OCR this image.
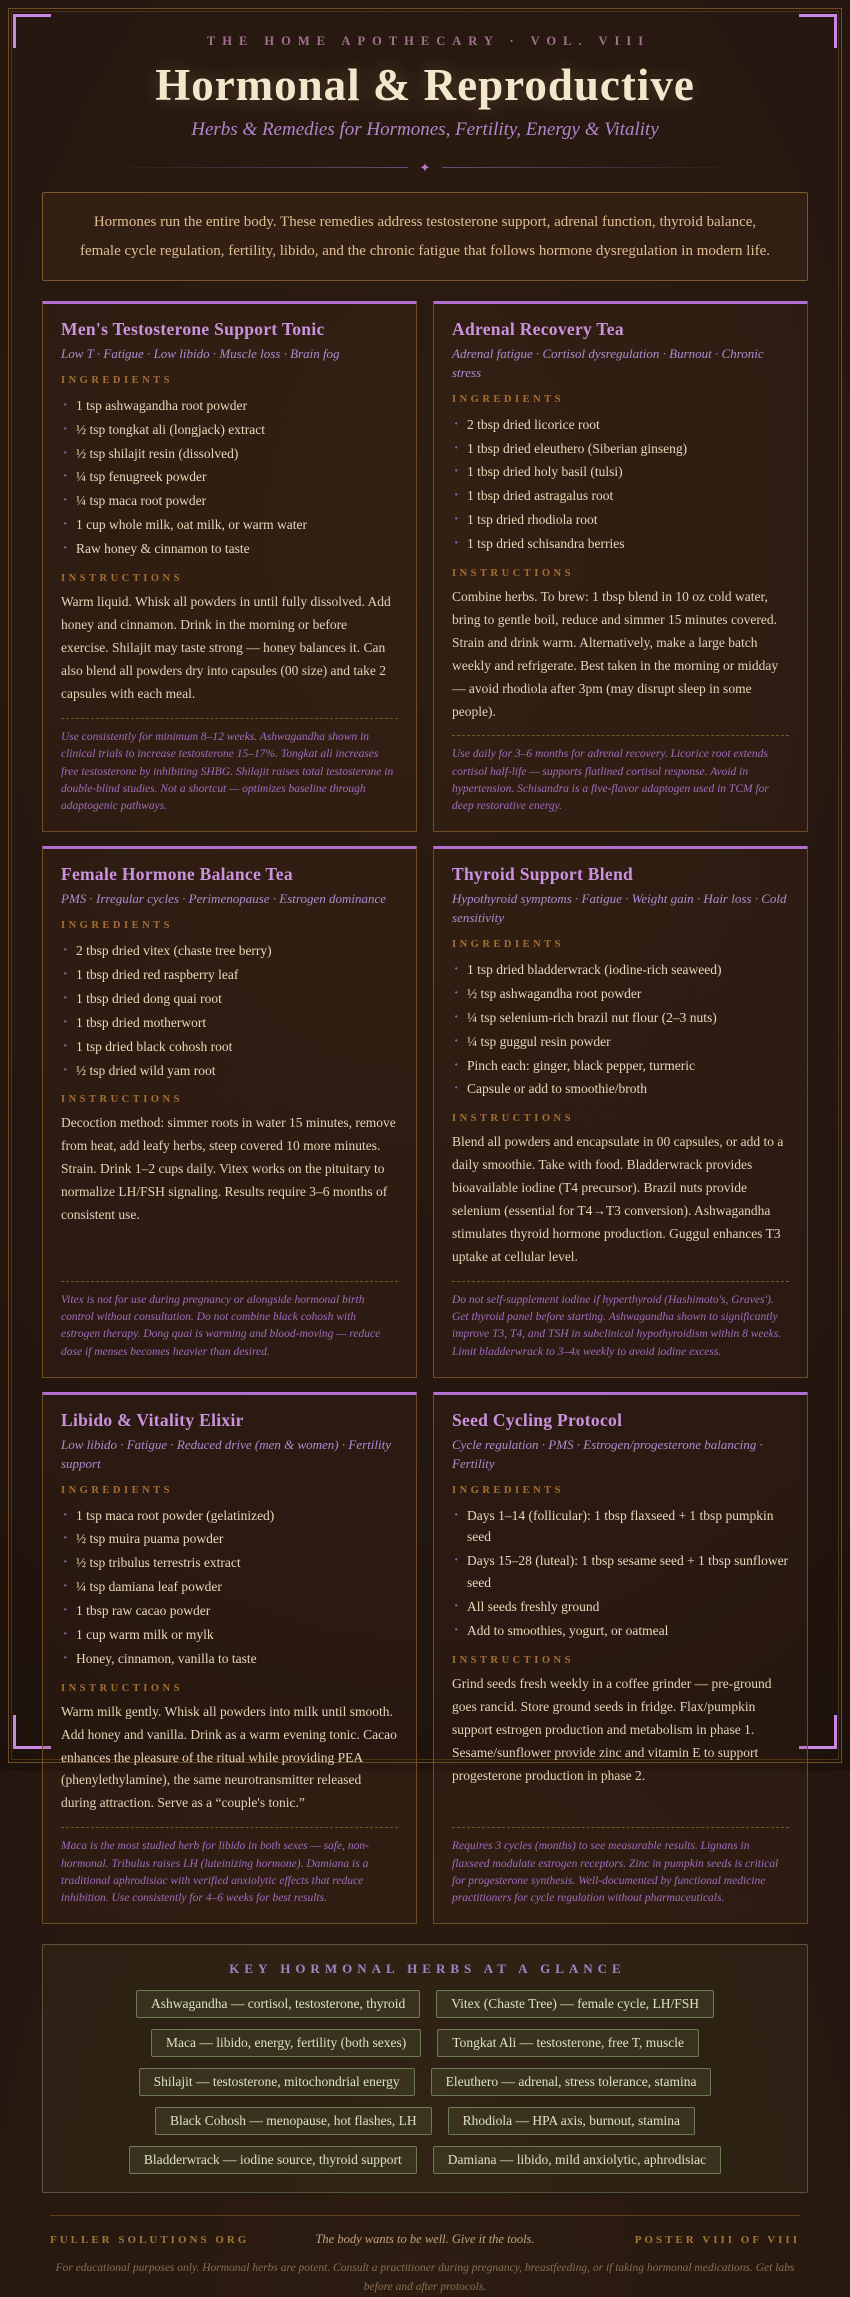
THE HOME APOTHECARY · VOL. VIII
Hormonal & Reproductive
Herbs & Remedies for Hormones, Fertility, Energy & Vitality
✦
Hormones run the entire body. These remedies address testosterone support, adrenal function, thyroid balance, female cycle regulation, fertility, libido, and the chronic fatigue that follows hormone dysregulation in modern life.
Men's Testosterone Support Tonic

Low T · Fatigue · Low libido · Muscle loss · Brain fog

INGREDIENTS
· 1 tsp ashwagandha root powder
· ½ tsp tongkat ali (longjack) extract
· ½ tsp shilajit resin (dissolved)
· ¼ tsp fenugreek powder
· ¼ tsp maca root powder
· 1 cup whole milk, oat milk, or warm water
· Raw honey & cinnamon to taste
INSTRUCTIONS

Warm liquid. Whisk all powders in until fully dissolved. Add honey and cinnamon. Drink in the morning or before exercise. Shilajit may taste strong — honey balances it. Can also blend all powders dry into capsules (00 size) and take 2 capsules with each meal.

Use consistently for minimum 8–12 weeks. Ashwagandha shown in clinical trials to increase testosterone 15–17%. Tongkat ali increases free testosterone by inhibiting SHBG. Shilajit raises total testosterone in double-blind studies. Not a shortcut — optimizes baseline through adaptogenic pathways.

Adrenal Recovery Tea

Adrenal fatigue · Cortisol dysregulation · Burnout · Chronic stress

INGREDIENTS
· 2 tbsp dried licorice root
· 1 tbsp dried eleuthero (Siberian ginseng)
· 1 tbsp dried holy basil (tulsi)
· 1 tbsp dried astragalus root
· 1 tsp dried rhodiola root
· 1 tsp dried schisandra berries
INSTRUCTIONS

Combine herbs. To brew: 1 tbsp blend in 10 oz cold water, bring to gentle boil, reduce and simmer 15 minutes covered. Strain and drink warm. Alternatively, make a large batch weekly and refrigerate. Best taken in the morning or midday — avoid rhodiola after 3pm (may disrupt sleep in some people).

Use daily for 3–6 months for adrenal recovery. Licorice root extends cortisol half-life — supports flatlined cortisol response. Avoid in hypertension. Schisandra is a five-flavor adaptogen used in TCM for deep restorative energy.

Female Hormone Balance Tea

PMS · Irregular cycles · Perimenopause · Estrogen dominance

INGREDIENTS
· 2 tbsp dried vitex (chaste tree berry)
· 1 tbsp dried red raspberry leaf
· 1 tbsp dried dong quai root
· 1 tbsp dried motherwort
· 1 tsp dried black cohosh root
· ½ tsp dried wild yam root
INSTRUCTIONS

Decoction method: simmer roots in water 15 minutes, remove from heat, add leafy herbs, steep covered 10 more minutes. Strain. Drink 1–2 cups daily. Vitex works on the pituitary to normalize LH/FSH signaling. Results require 3–6 months of consistent use.

Vitex is not for use during pregnancy or alongside hormonal birth control without consultation. Do not combine black cohosh with estrogen therapy. Dong quai is warming and blood-moving — reduce dose if menses becomes heavier than desired.

Thyroid Support Blend

Hypothyroid symptoms · Fatigue · Weight gain · Hair loss · Cold sensitivity

INGREDIENTS
· 1 tsp dried bladderwrack (iodine-rich seaweed)
· ½ tsp ashwagandha root powder
· ¼ tsp selenium-rich brazil nut flour (2–3 nuts)
· ¼ tsp guggul resin powder
· Pinch each: ginger, black pepper, turmeric
· Capsule or add to smoothie/broth
INSTRUCTIONS

Blend all powders and encapsulate in 00 capsules, or add to a daily smoothie. Take with food. Bladderwrack provides bioavailable iodine (T4 precursor). Brazil nuts provide selenium (essential for T4→T3 conversion). Ashwagandha stimulates thyroid hormone production. Guggul enhances T3 uptake at cellular level.

Do not self-supplement iodine if hyperthyroid (Hashimoto's, Graves'). Get thyroid panel before starting. Ashwagandha shown to significantly improve T3, T4, and TSH in subclinical hypothyroidism within 8 weeks. Limit bladderwrack to 3–4x weekly to avoid iodine excess.

Libido & Vitality Elixir

Low libido · Fatigue · Reduced drive (men & women) · Fertility support

INGREDIENTS
· 1 tsp maca root powder (gelatinized)
· ½ tsp muira puama powder
· ½ tsp tribulus terrestris extract
· ¼ tsp damiana leaf powder
· 1 tbsp raw cacao powder
· 1 cup warm milk or mylk
· Honey, cinnamon, vanilla to taste
INSTRUCTIONS

Warm milk gently. Whisk all powders into milk until smooth. Add honey and vanilla. Drink as a warm evening tonic. Cacao enhances the pleasure of the ritual while providing PEA (phenylethylamine), the same neurotransmitter released during attraction. Serve as a “couple's tonic.”

Maca is the most studied herb for libido in both sexes — safe, non-hormonal. Tribulus raises LH (luteinizing hormone). Damiana is a traditional aphrodisiac with verified anxiolytic effects that reduce inhibition. Use consistently for 4–6 weeks for best results.

Seed Cycling Protocol

Cycle regulation · PMS · Estrogen/progesterone balancing · Fertility

INGREDIENTS
· Days 1–14 (follicular): 1 tbsp flaxseed + 1 tbsp pumpkin seed
· Days 15–28 (luteal): 1 tbsp sesame seed + 1 tbsp sunflower seed
· All seeds freshly ground
· Add to smoothies, yogurt, or oatmeal
INSTRUCTIONS

Grind seeds fresh weekly in a coffee grinder — pre-ground goes rancid. Store ground seeds in fridge. Flax/pumpkin support estrogen production and metabolism in phase 1. Sesame/sunflower provide zinc and vitamin E to support progesterone production in phase 2.

Requires 3 cycles (months) to see measurable results. Lignans in flaxseed modulate estrogen receptors. Zinc in pumpkin seeds is critical for progesterone synthesis. Well-documented by functional medicine practitioners for cycle regulation without pharmaceuticals.

KEY HORMONAL HERBS AT A GLANCE
Ashwagandha — cortisol, testosterone, thyroid	Vitex (Chaste Tree) — female cycle, LH/FSH
Maca — libido, energy, fertility (both sexes)	Tongkat Ali — testosterone, free T, muscle
Shilajit — testosterone, mitochondrial energy	Eleuthero — adrenal, stress tolerance, stamina
Black Cohosh — menopause, hot flashes, LH	Rhodiola — HPA axis, burnout, stamina
Bladderwrack — iodine source, thyroid support	Damiana — libido, mild anxiolytic, aphrodisiac
FULLER SOLUTIONS ORG	The body wants to be well. Give it the tools.	POSTER VIII OF VIII

For educational purposes only. Hormonal herbs are potent. Consult a practitioner during pregnancy, breastfeeding, or if taking hormonal medications. Get labs before and after protocols.
